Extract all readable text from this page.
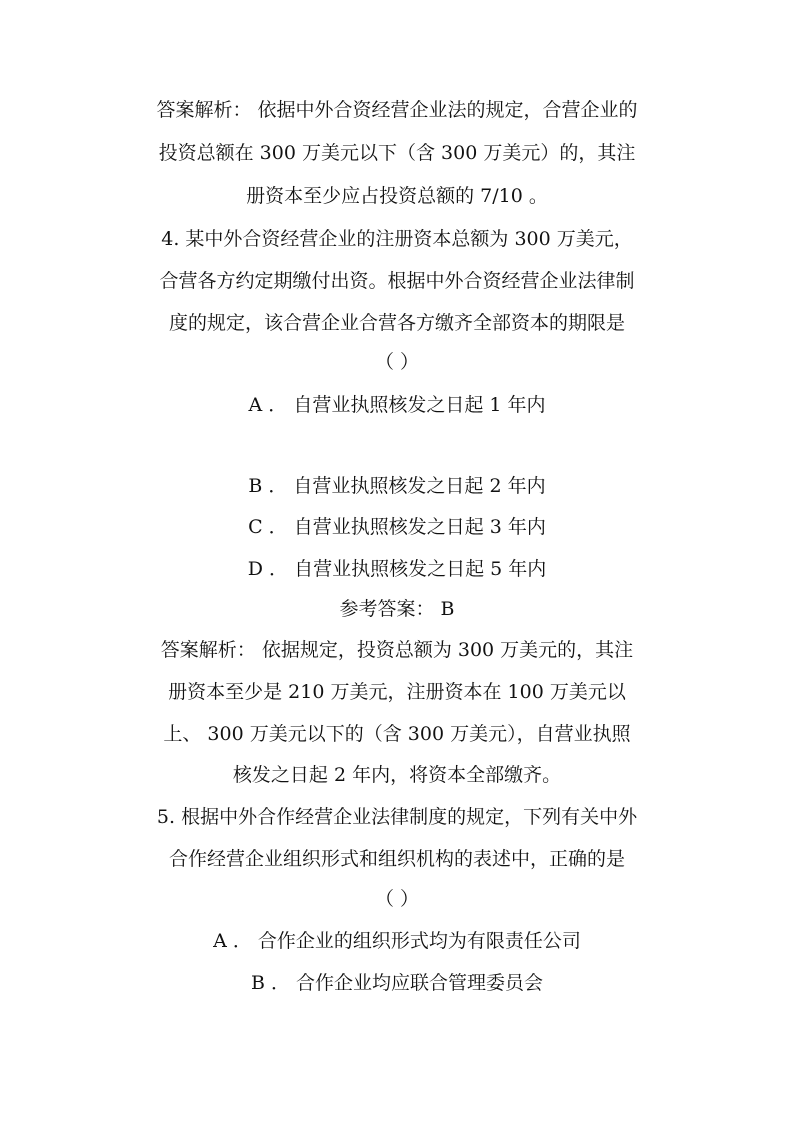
答案解析： 依据中外合资经营企业法的规定，合营企业的
投资总额在 300 万美元以下（含 300 万美元）的，其注
册资本至少应占投资总额的 7/10 。
4. 某中外合资经营企业的注册资本总额为 300 万美元，
合营各方约定期缴付出资。根据中外合资经营企业法律制
度的规定，该合营企业合营各方缴齐全部资本的期限是
（ ）
A ． 自营业执照核发之日起 1 年内
B ． 自营业执照核发之日起 2 年内
C ． 自营业执照核发之日起 3 年内
D ． 自营业执照核发之日起 5 年内
参考答案： B
答案解析： 依据规定，投资总额为 300 万美元的，其注
册资本至少是 210 万美元，注册资本在 100 万美元以
上、 300 万美元以下的（含 300 万美元），自营业执照
核发之日起 2 年内，将资本全部缴齐。
5. 根据中外合作经营企业法律制度的规定，下列有关中外
合作经营企业组织形式和组织机构的表述中，正确的是
（ ）
A ． 合作企业的组织形式均为有限责任公司
B ． 合作企业均应联合管理委员会
